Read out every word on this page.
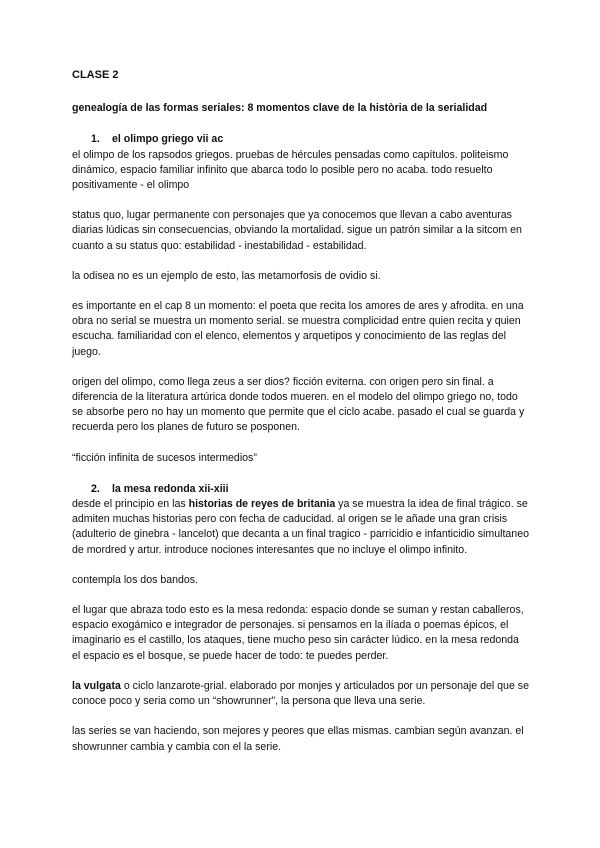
CLASE 2

genealogía de las formas seriales: 8 momentos clave de la història de la serialidad

1. el olimpo griego vii ac

el olimpo de los rapsodos griegos. pruebas de hércules pensadas como capítulos. politeismo dinámico, espacio familiar infinito que abarca todo lo posible pero no acaba. todo resuelto positivamente - el olimpo

status quo, lugar permanente con personajes que ya conocemos que llevan a cabo aventuras diarias lúdicas sin consecuencias, obviando la mortalidad. sigue un patrón similar a la sitcom en cuanto a su status quo: estabilidad - inestabilidad - estabilidad.

la odisea no es un ejemplo de esto, las metamorfosis de ovidio si.

es importante en el cap 8 un momento: el poeta que recita los amores de ares y afrodita. en una obra no serial se muestra un momento serial. se muestra complicidad entre quien recita y quien escucha. familiaridad con el elenco, elementos y arquetipos y conocimiento de las reglas del juego.

origen del olimpo, como llega zeus a ser dios? ficción eviterna. con origen pero sin final. a diferencia de la literatura artúrica donde todos mueren. en el modelo del olimpo griego no, todo se absorbe pero no hay un momento que permite que el ciclo acabe. pasado el cual se guarda y recuerda pero los planes de futuro se posponen.

“ficción infinita de sucesos intermedios”

2. la mesa redonda xii-xiii

desde el principio en las historias de reyes de britania ya se muestra la idea de final trágico. se admiten muchas historias pero con fecha de caducidad. al origen se le añade una gran crisis (adulterio de ginebra - lancelot) que decanta a un final tragico - parricidio e infanticidio simultaneo de mordred y artur. introduce nociones interesantes que no incluye el olimpo infinito.

contempla los dos bandos.

el lugar que abraza todo esto es la mesa redonda: espacio donde se suman y restan caballeros, espacio exogámico e integrador de personajes. si pensamos en la ilíada o poemas épicos, el imaginario es el castillo, los ataques, tiene mucho peso sin carácter lúdico. en la mesa redonda el espacio es el bosque, se puede hacer de todo: te puedes perder.

la vulgata o ciclo lanzarote-grial. elaborado por monjes y articulados por un personaje del que se conoce poco y seria como un “showrunner”, la persona que lleva una serie.

las series se van haciendo, son mejores y peores que ellas mismas. cambian según avanzan. el showrunner cambia y cambia con el la serie.
